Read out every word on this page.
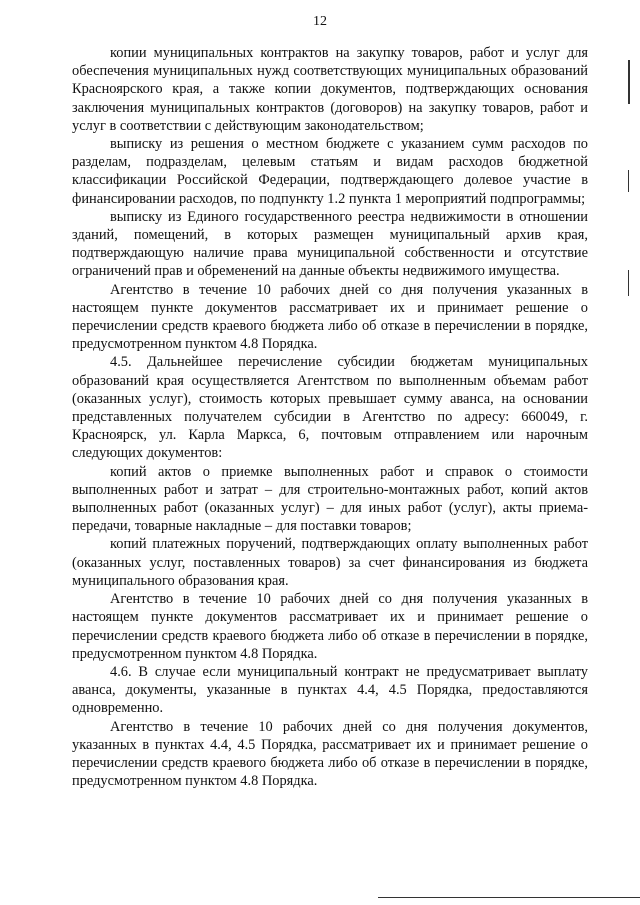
12

копии муниципальных контрактов на закупку товаров, работ и услуг для обеспечения муниципальных нужд соответствующих муниципальных образований Красноярского края, а также копии документов, подтверждающих основания заключения муниципальных контрактов (договоров) на закупку товаров, работ и услуг в соответствии с действующим законодательством;

выписку из решения о местном бюджете с указанием сумм расходов по разделам, подразделам, целевым статьям и видам расходов бюджетной классификации Российской Федерации, подтверждающего долевое участие в финансировании расходов, по подпункту 1.2 пункта 1 мероприятий подпрограммы;

выписку из Единого государственного реестра недвижимости в отношении зданий, помещений, в которых размещен муниципальный архив края, подтверждающую наличие права муниципальной собственности и отсутствие ограничений прав и обременений на данные объекты недвижимого имущества.

Агентство в течение 10 рабочих дней со дня получения указанных в настоящем пункте документов рассматривает их и принимает решение о перечислении средств краевого бюджета либо об отказе в перечислении в порядке, предусмотренном пунктом 4.8 Порядка.

4.5. Дальнейшее перечисление субсидии бюджетам муниципальных образований края осуществляется Агентством по выполненным объемам работ (оказанных услуг), стоимость которых превышает сумму аванса, на основании представленных получателем субсидии в Агентство по адресу: 660049, г. Красноярск, ул. Карла Маркса, 6, почтовым отправлением или нарочным следующих документов:

копий актов о приемке выполненных работ и справок о стоимости выполненных работ и затрат – для строительно-монтажных работ, копий актов выполненных работ (оказанных услуг) – для иных работ (услуг), акты приема-передачи, товарные накладные – для поставки товаров;

копий платежных поручений, подтверждающих оплату выполненных работ (оказанных услуг, поставленных товаров) за счет финансирования из бюджета муниципального образования края.

Агентство в течение 10 рабочих дней со дня получения указанных в настоящем пункте документов рассматривает их и принимает решение о перечислении средств краевого бюджета либо об отказе в перечислении в порядке, предусмотренном пунктом 4.8 Порядка.

4.6. В случае если муниципальный контракт не предусматривает выплату аванса, документы, указанные в пунктах 4.4, 4.5 Порядка, предоставляются одновременно.

Агентство в течение 10 рабочих дней со дня получения документов, указанных в пунктах 4.4, 4.5 Порядка, рассматривает их и принимает решение о перечислении средств краевого бюджета либо об отказе в перечислении в порядке, предусмотренном пунктом 4.8 Порядка.
